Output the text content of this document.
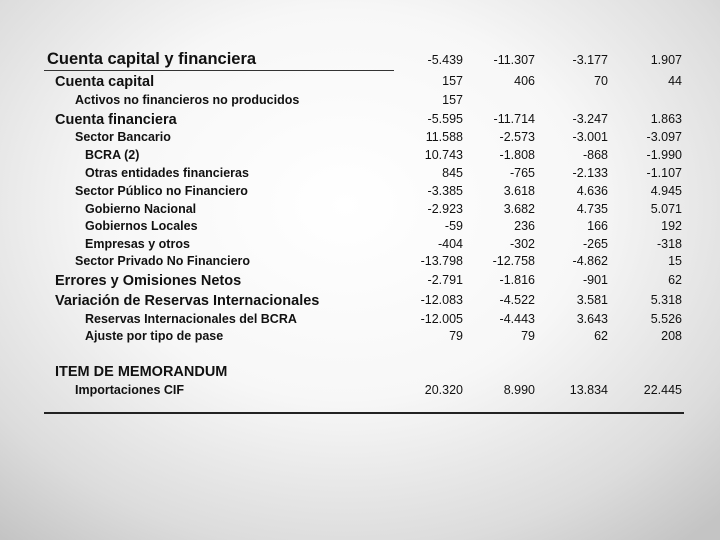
Cuenta capital y financiera	-5.439	-11.307	-3.177	1.907
Cuenta capital	157	406	70	44
Activos no financieros no producidos	157
Cuenta financiera	-5.595	-11.714	-3.247	1.863
Sector Bancario	11.588	-2.573	-3.001	-3.097
BCRA (2)	10.743	-1.808	-868	-1.990
Otras entidades financieras	845	-765	-2.133	-1.107
Sector Público no Financiero	-3.385	3.618	4.636	4.945
Gobierno Nacional	-2.923	3.682	4.735	5.071
Gobiernos Locales	-59	236	166	192
Empresas y otros	-404	-302	-265	-318
Sector Privado No Financiero	-13.798	-12.758	-4.862	15
Errores y Omisiones Netos	-2.791	-1.816	-901	62
Variación de Reservas Internacionales	-12.083	-4.522	3.581	5.318
Reservas Internacionales del BCRA	-12.005	-4.443	3.643	5.526
Ajuste por tipo de pase	79	79	62	208
ITEM DE MEMORANDUM
Importaciones CIF	20.320	8.990	13.834	22.445
